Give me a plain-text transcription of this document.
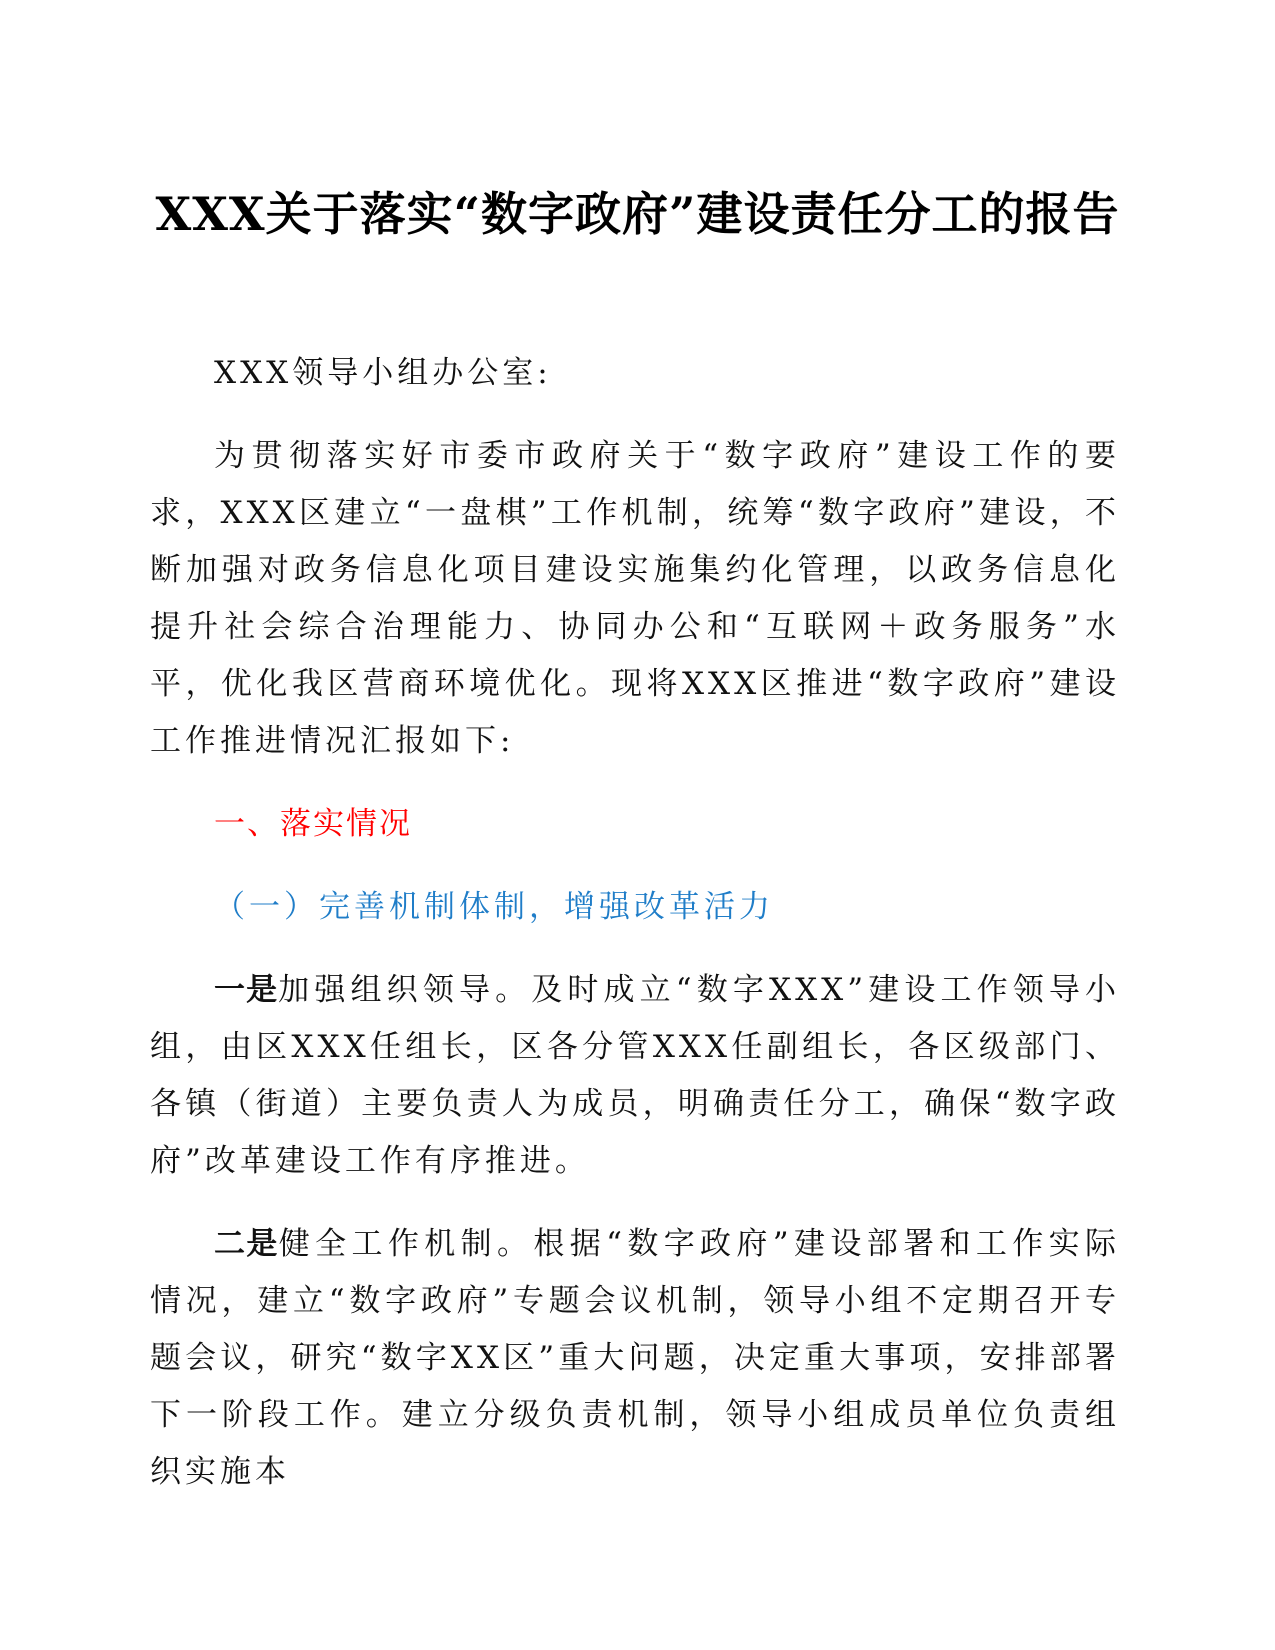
XXX关于落实“数字政府”建设责任分工的报告

XXX领导小组办公室:

为贯彻落实好市委市政府关于“数字政府”建设工作的要求，XXX区建立“一盘棋”工作机制，统筹“数字政府”建设，不断加强对政务信息化项目建设实施集约化管理，以政务信息化提升社会综合治理能力、协同办公和“互联网＋政务服务”水平，优化我区营商环境优化。现将XXX区推进“数字政府”建设工作推进情况汇报如下:

一、落实情况

（一）完善机制体制，增强改革活力

一是加强组织领导。及时成立“数字XXX”建设工作领导小组，由区XXX任组长，区各分管XXX任副组长，各区级部门、各镇（街道）主要负责人为成员，明确责任分工，确保“数字政府”改革建设工作有序推进。

二是健全工作机制。根据“数字政府”建设部署和工作实际情况，建立“数字政府”专题会议机制，领导小组不定期召开专题会议，研究“数字XX区”重大问题，决定重大事项，安排部署下一阶段工作。建立分级负责机制，领导小组成员单位负责组织实施本
